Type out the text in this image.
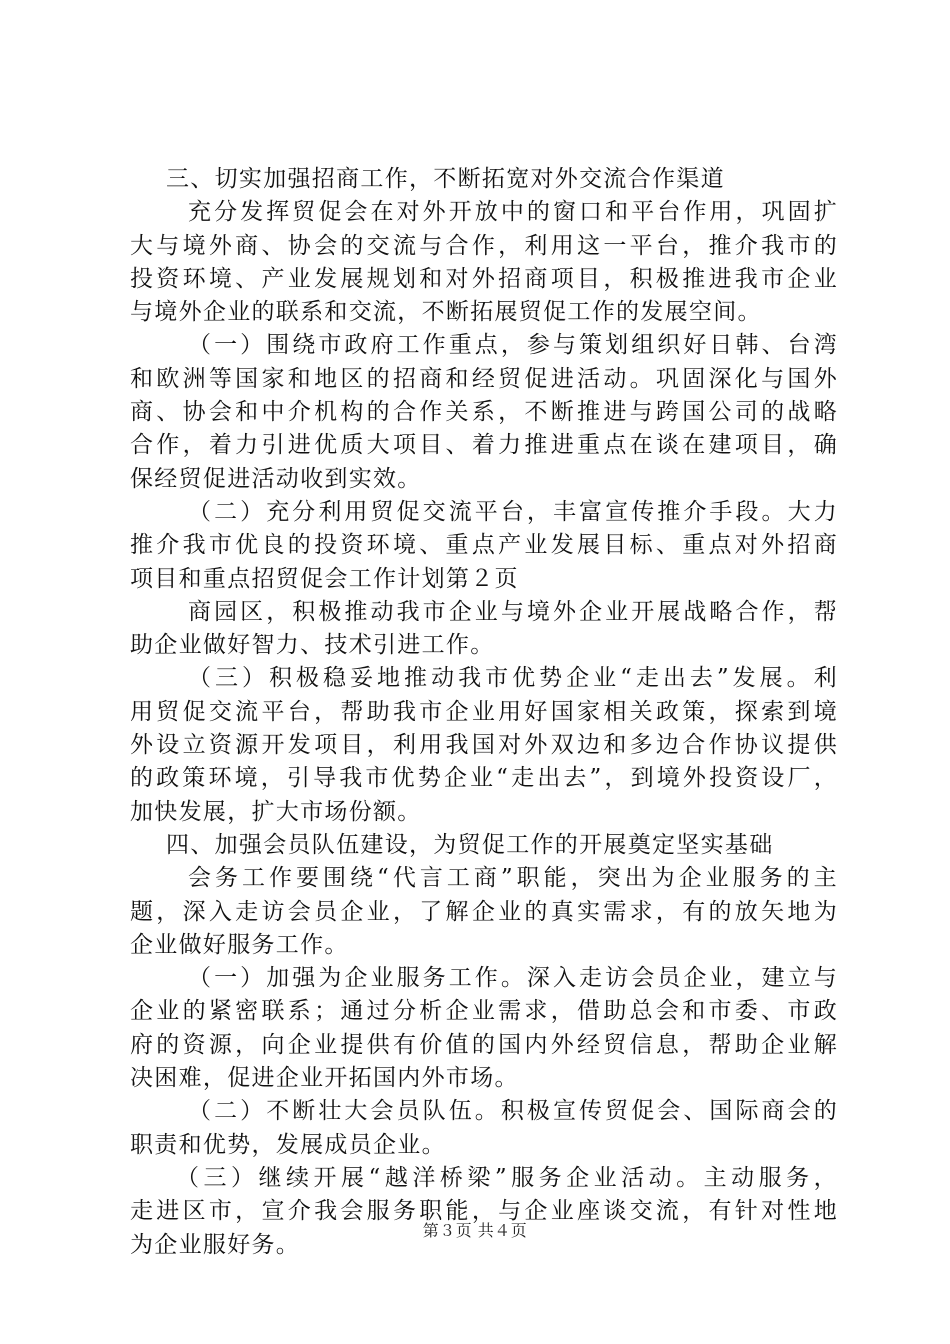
三、切实加强招商工作，不断拓宽对外交流合作渠道
充分发挥贸促会在对外开放中的窗口和平台作用，巩固扩
大与境外商、协会的交流与合作，利用这一平台，推介我市的
投资环境、产业发展规划和对外招商项目，积极推进我市企业
与境外企业的联系和交流，不断拓展贸促工作的发展空间。
（一）围绕市政府工作重点，参与策划组织好日韩、台湾
和欧洲等国家和地区的招商和经贸促进活动。巩固深化与国外
商、协会和中介机构的合作关系，不断推进与跨国公司的战略
合作，着力引进优质大项目、着力推进重点在谈在建项目，确
保经贸促进活动收到实效。
（二）充分利用贸促交流平台，丰富宣传推介手段。大力
推介我市优良的投资环境、重点产业发展目标、重点对外招商
项目和重点招贸促会工作计划第２页
商园区，积极推动我市企业与境外企业开展战略合作，帮
助企业做好智力、技术引进工作。
（三）积极稳妥地推动我市优势企业“走出去”发展。利
用贸促交流平台，帮助我市企业用好国家相关政策，探索到境
外设立资源开发项目，利用我国对外双边和多边合作协议提供
的政策环境，引导我市优势企业“走出去”，到境外投资设厂，
加快发展，扩大市场份额。
四、加强会员队伍建设，为贸促工作的开展奠定坚实基础
会务工作要围绕“代言工商”职能，突出为企业服务的主
题，深入走访会员企业，了解企业的真实需求，有的放矢地为
企业做好服务工作。
（一）加强为企业服务工作。深入走访会员企业，建立与
企业的紧密联系；通过分析企业需求，借助总会和市委、市政
府的资源，向企业提供有价值的国内外经贸信息，帮助企业解
决困难，促进企业开拓国内外市场。
（二）不断壮大会员队伍。积极宣传贸促会、国际商会的
职责和优势，发展成员企业。
（三）继续开展“越洋桥梁”服务企业活动。主动服务，
走进区市，宣介我会服务职能，与企业座谈交流，有针对性地
为企业服好务。
第３页 共４页
